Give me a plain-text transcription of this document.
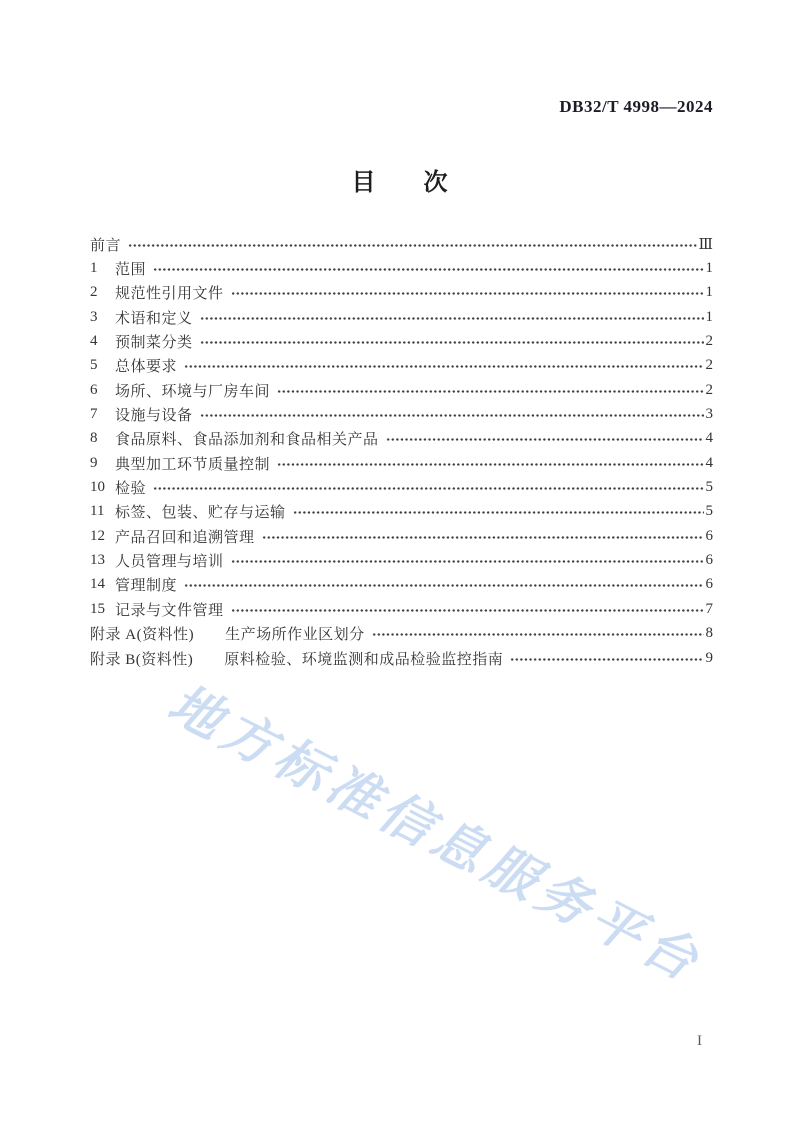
地方标准信息服务平台
DB32/T 4998—2024
目　　次
前言	Ⅲ
1	范围	1
2	规范性引用文件	1
3	术语和定义	1
4	预制菜分类	2
5	总体要求	2
6	场所、环境与厂房车间	2
7	设施与设备	3
8	食品原料、食品添加剂和食品相关产品	4
9	典型加工环节质量控制	4
10 检验	5
11 标签、包装、贮存与运输	5
12 产品召回和追溯管理	6
13 人员管理与培训	6
14 管理制度	6
15 记录与文件管理	7
附录 A(资料性)　　生产场所作业区划分	8
附录 B(资料性)　　原料检验、环境监测和成品检验监控指南	9
I
